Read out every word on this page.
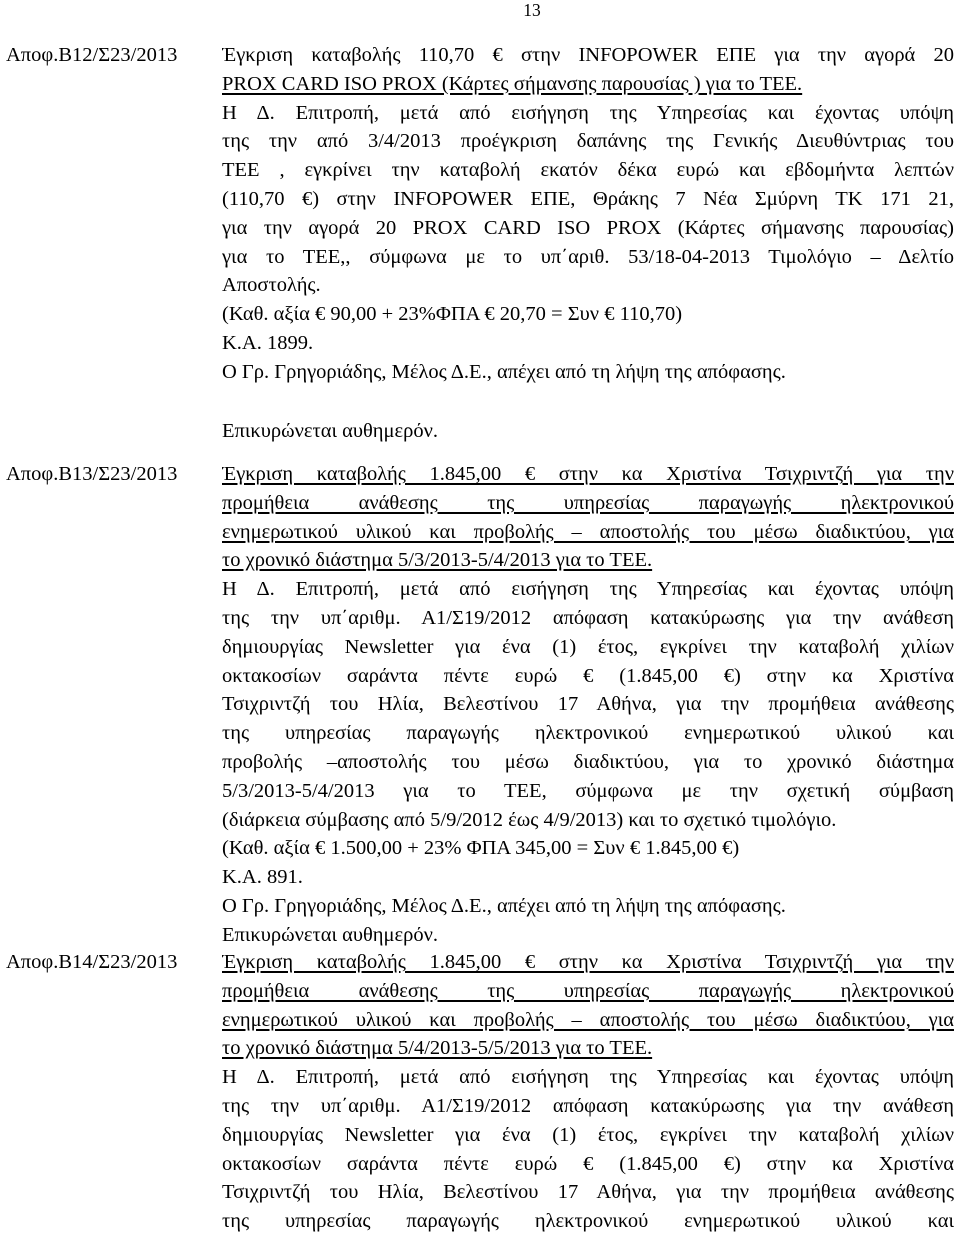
13
Αποφ.Β12/Σ23/2013 Έγκριση καταβολής 110,70 € στην INFOPOWER ΕΠΕ για την αγορά 20
PROX CARD ISO PROX (Κάρτες σήμανσης παρουσίας ) για το ΤΕΕ.
Η Δ. Επιτροπή, μετά από εισήγηση της Υπηρεσίας και έχοντας υπόψη
της την από 3/4/2013 προέγκριση δαπάνης της Γενικής Διευθύντριας του
ΤΕΕ , εγκρίνει την καταβολή εκατόν δέκα ευρώ και εβδομήντα λεπτών
(110,70 €) στην INFOPOWER ΕΠΕ, Θράκης 7 Νέα Σμύρνη ΤΚ 171 21,
για την αγορά 20 PROX CARD ISO PROX (Κάρτες σήμανσης παρουσίας)
για το ΤΕΕ,, σύμφωνα με το υπ΄αριθ. 53/18-04-2013 Τιμολόγιο – Δελτίο
Αποστολής.
(Καθ. αξία € 90,00 + 23%ΦΠΑ € 20,70 = Συν € 110,70)
Κ.Α. 1899.
Ο Γρ. Γρηγοριάδης, Μέλος Δ.Ε., απέχει από τη λήψη της απόφασης.
Επικυρώνεται αυθημερόν.
Αποφ.Β13/Σ23/2013 Έγκριση καταβολής 1.845,00 € στην κα Χριστίνα Τσιχριντζή για την
προμήθεια ανάθεσης της υπηρεσίας παραγωγής ηλεκτρονικού
ενημερωτικού υλικού και προβολής – αποστολής του μέσω διαδικτύου, για
το χρονικό διάστημα 5/3/2013-5/4/2013 για το ΤΕΕ.
Η Δ. Επιτροπή, μετά από εισήγηση της Υπηρεσίας και έχοντας υπόψη
της την υπ΄αριθμ. Α1/Σ19/2012 απόφαση κατακύρωσης για την ανάθεση
δημιουργίας Newsletter για ένα (1) έτος, εγκρίνει την καταβολή χιλίων
οκτακοσίων σαράντα πέντε ευρώ € (1.845,00 €) στην κα Χριστίνα
Τσιχριντζή του Ηλία, Βελεστίνου 17 Αθήνα, για την προμήθεια ανάθεσης
της υπηρεσίας παραγωγής ηλεκτρονικού ενημερωτικού υλικού και
προβολής –αποστολής του μέσω διαδικτύου, για το χρονικό διάστημα
5/3/2013-5/4/2013 για το ΤΕΕ, σύμφωνα με την σχετική σύμβαση
(διάρκεια σύμβασης από 5/9/2012 έως 4/9/2013) και το σχετικό τιμολόγιο.
(Καθ. αξία € 1.500,00 + 23% ΦΠΑ 345,00 = Συν € 1.845,00 €)
Κ.Α. 891.
Ο Γρ. Γρηγοριάδης, Μέλος Δ.Ε., απέχει από τη λήψη της απόφασης.
Επικυρώνεται αυθημερόν.
Αποφ.Β14/Σ23/2013 Έγκριση καταβολής 1.845,00 € στην κα Χριστίνα Τσιχριντζή για την
προμήθεια ανάθεσης της υπηρεσίας παραγωγής ηλεκτρονικού
ενημερωτικού υλικού και προβολής – αποστολής του μέσω διαδικτύου, για
το χρονικό διάστημα 5/4/2013-5/5/2013 για το ΤΕΕ.
Η Δ. Επιτροπή, μετά από εισήγηση της Υπηρεσίας και έχοντας υπόψη
της την υπ΄αριθμ. Α1/Σ19/2012 απόφαση κατακύρωσης για την ανάθεση
δημιουργίας Newsletter για ένα (1) έτος, εγκρίνει την καταβολή χιλίων
οκτακοσίων σαράντα πέντε ευρώ € (1.845,00 €) στην κα Χριστίνα
Τσιχριντζή του Ηλία, Βελεστίνου 17 Αθήνα, για την προμήθεια ανάθεσης
της υπηρεσίας παραγωγής ηλεκτρονικού ενημερωτικού υλικού και
